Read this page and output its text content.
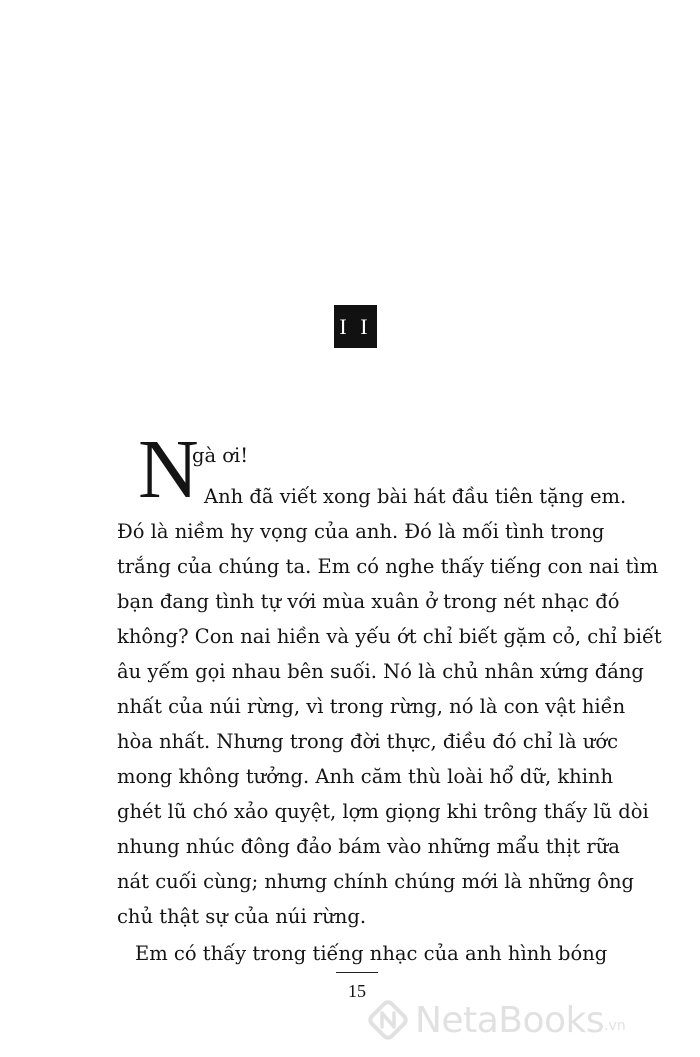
I I
N
gà ơi!
Anh đã viết xong bài hát đầu tiên tặng em.
Đó là niềm hy vọng của anh. Đó là mối tình trong
trắng của chúng ta. Em có nghe thấy tiếng con nai tìm
bạn đang tình tự với mùa xuân ở trong nét nhạc đó
không? Con nai hiền và yếu ớt chỉ biết gặm cỏ, chỉ biết
âu yếm gọi nhau bên suối. Nó là chủ nhân xứng đáng
nhất của núi rừng, vì trong rừng, nó là con vật hiền
hòa nhất. Nhưng trong đời thực, điều đó chỉ là ước
mong không tưởng. Anh căm thù loài hổ dữ, khinh
ghét lũ chó xảo quyệt, lợm giọng khi trông thấy lũ dòi
nhung nhúc đông đảo bám vào những mẩu thịt rữa
nát cuối cùng; nhưng chính chúng mới là những ông
chủ thật sự của núi rừng.
Em có thấy trong tiếng nhạc của anh hình bóng
15
NetaBooks .vn
